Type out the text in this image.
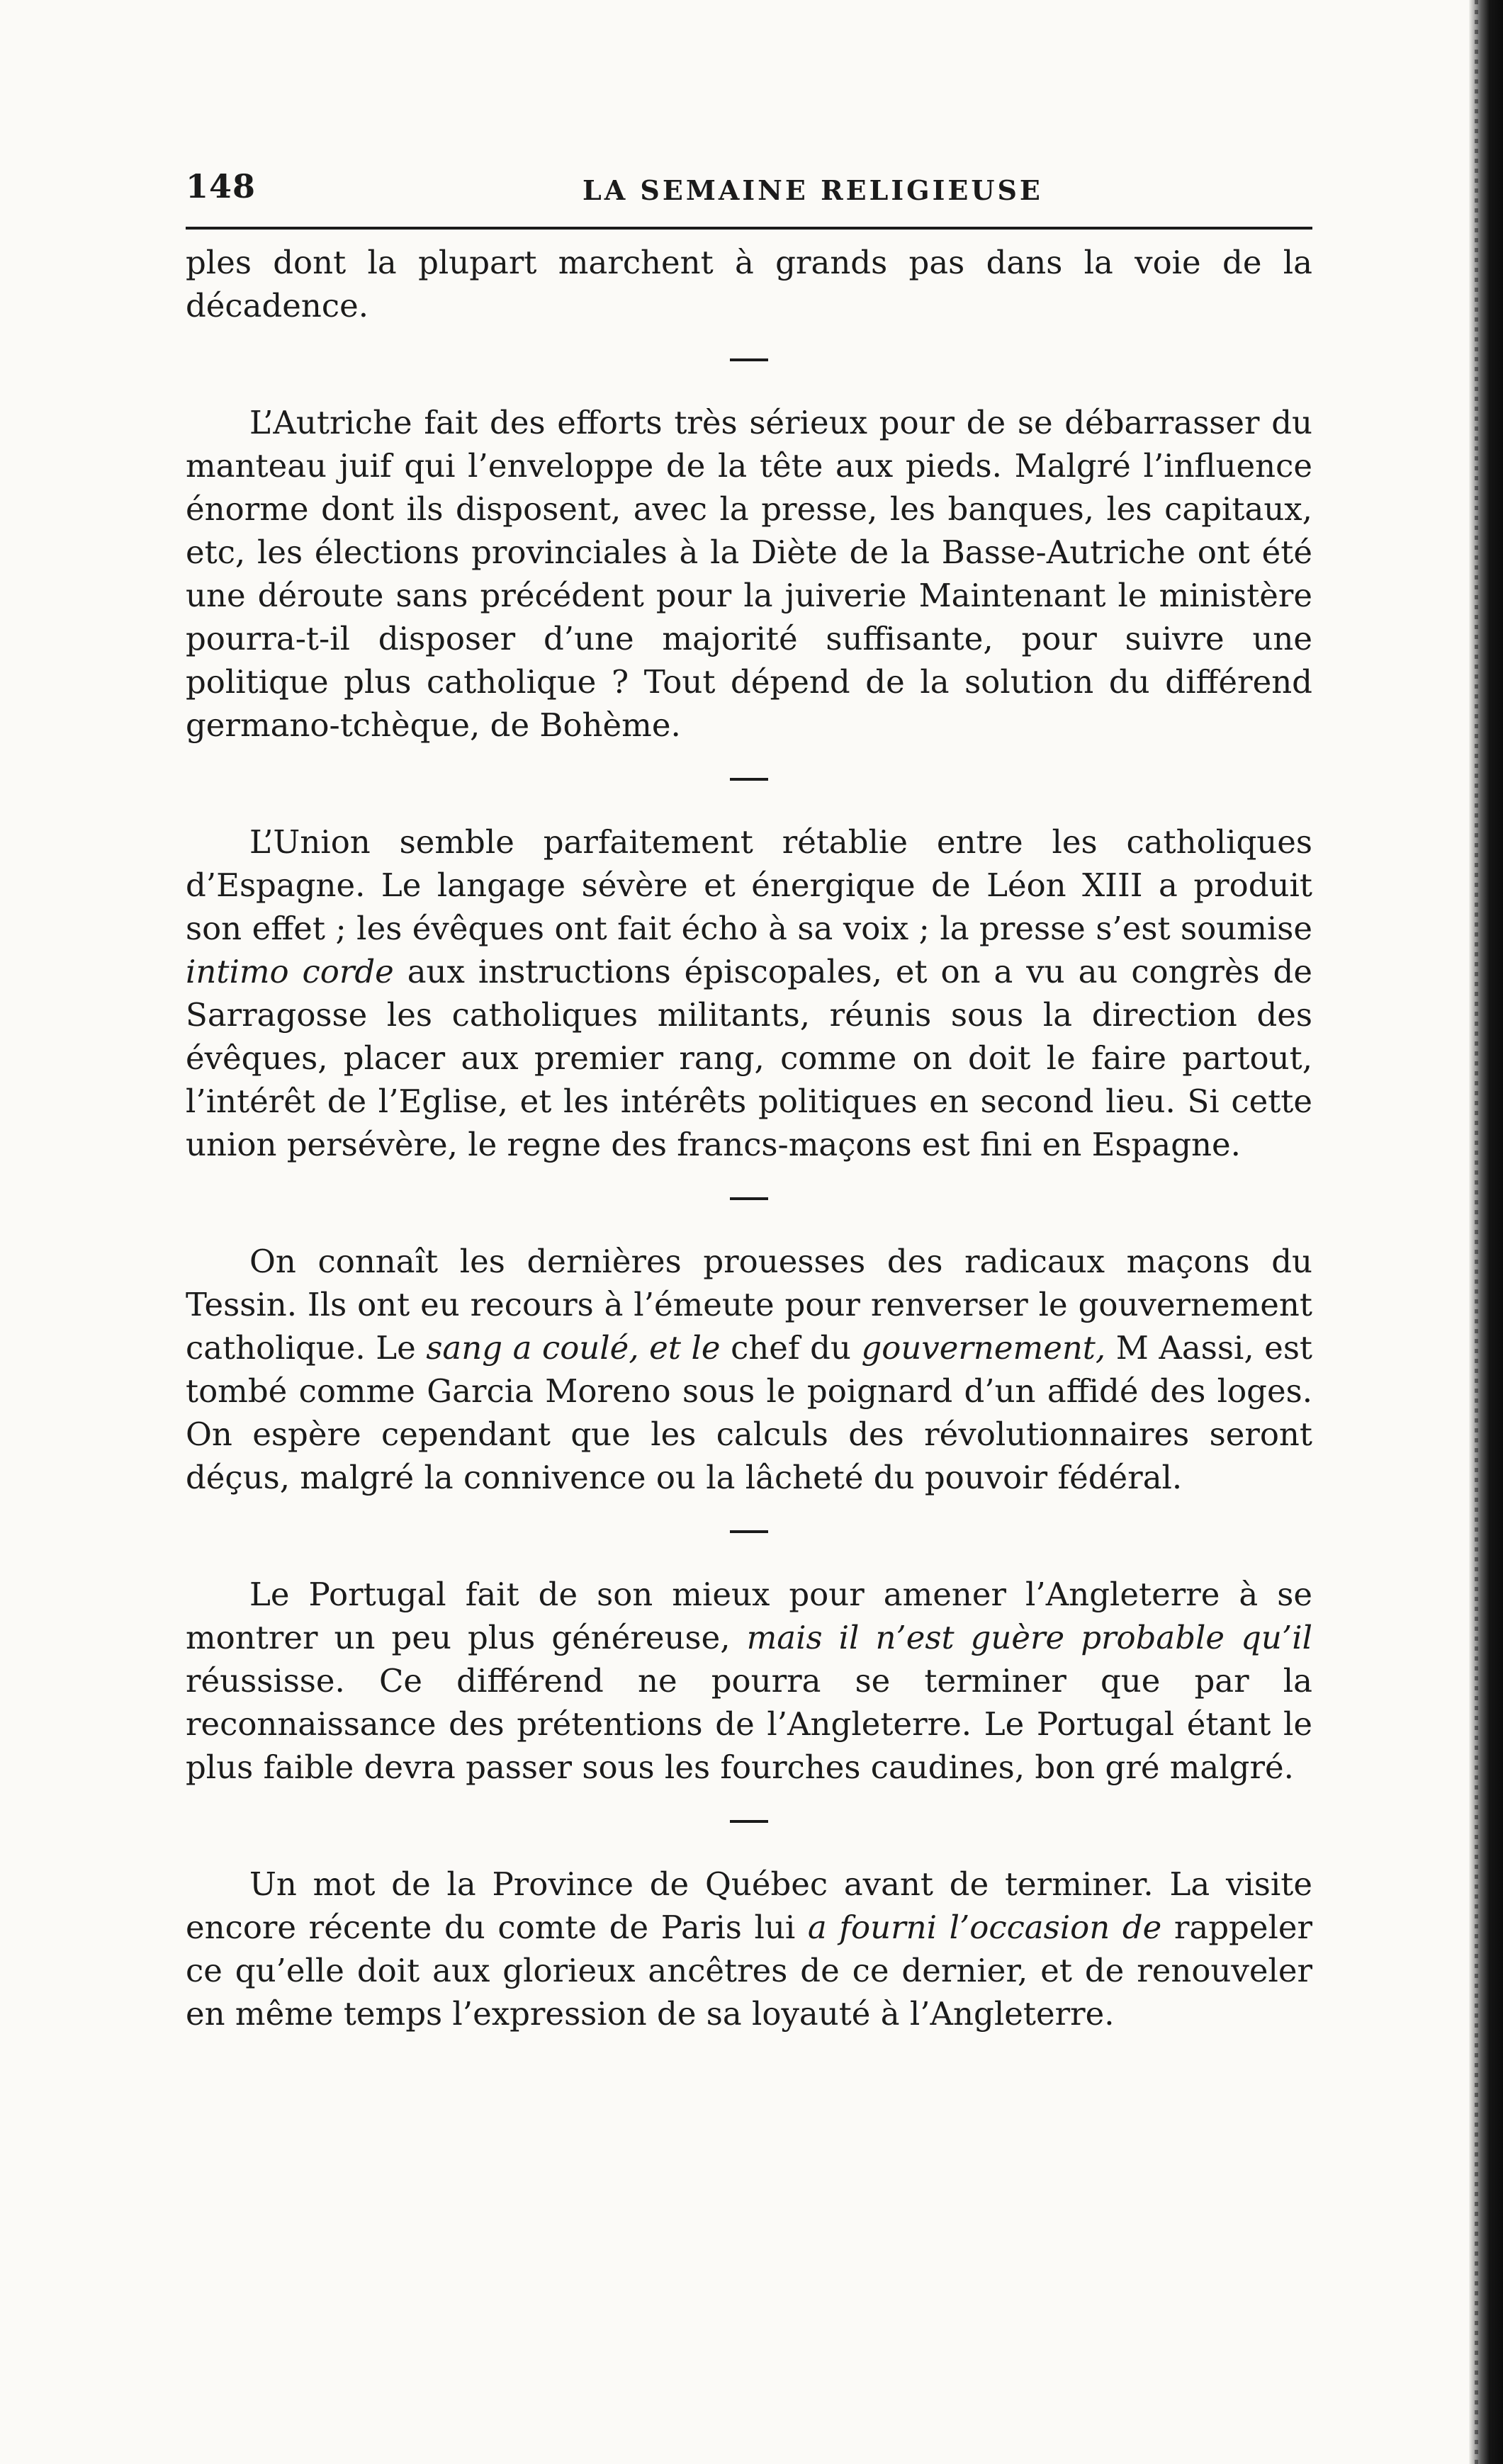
148	LA SEMAINE RELIGIEUSE

ples dont la plupart marchent à grands pas dans la voie de la décadence.

L’Autriche fait des efforts très sérieux pour de se débarrasser du manteau juif qui l’enveloppe de la tête aux pieds. Malgré l’influence énorme dont ils disposent, avec la presse, les banques, les capitaux, etc, les élections provinciales à la Diète de la Basse-Autriche ont été une déroute sans précédent pour la juiverie Maintenant le ministère pourra-t-il disposer d’une majorité suffisante, pour suivre une politique plus catholique ? Tout dépend de la solution du différend germano-tchèque, de Bohème.

L’Union semble parfaitement rétablie entre les catholiques d’Espagne. Le langage sévère et énergique de Léon XIII a produit son effet ; les évêques ont fait écho à sa voix ; la presse s’est soumise intimo corde aux instructions épiscopales, et on a vu au congrès de Sarragosse les catholiques militants, réunis sous la direction des évêques, placer aux premier rang, comme on doit le faire partout, l’intérêt de l’Eglise, et les intérêts politiques en second lieu. Si cette union persévère, le regne des francs-maçons est fini en Espagne.

On connaît les dernières prouesses des radicaux maçons du Tessin. Ils ont eu recours à l’émeute pour renverser le gouvernement catholique. Le sang a coulé, et le chef du gouvernement, M Aassi, est tombé comme Garcia Moreno sous le poignard d’un affidé des loges. On espère cependant que les calculs des révolutionnaires seront déçus, malgré la connivence ou la lâcheté du pouvoir fédéral.

Le Portugal fait de son mieux pour amener l’Angleterre à se montrer un peu plus généreuse, mais il n’est guère probable qu’il réussisse. Ce différend ne pourra se terminer que par la reconnaissance des prétentions de l’Angleterre. Le Portugal étant le plus faible devra passer sous les fourches caudines, bon gré malgré.

Un mot de la Province de Québec avant de terminer. La visite encore récente du comte de Paris lui a fourni l’occasion de rappeler ce qu’elle doit aux glorieux ancêtres de ce dernier, et de renouveler en même temps l’expression de sa loyauté à l’Angleterre.
